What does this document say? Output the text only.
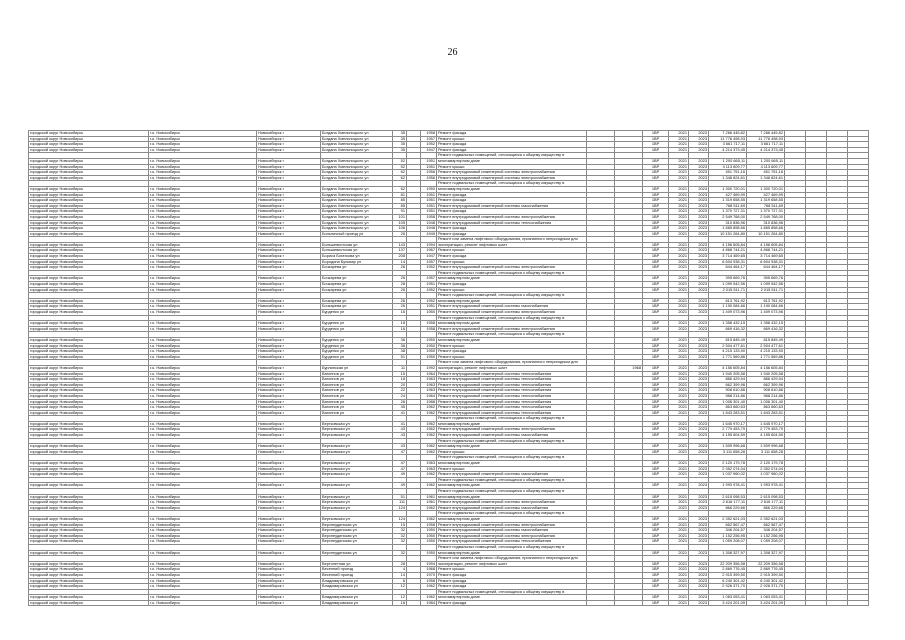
26
городской округ Новосибирск	г.о. Новосибирск	Новосибирск г	Богдана Хмельницкого ул	35		1958	Ремонт фасада			1ВР	2021	2023	7 266 445,82	7 266 445,82				
городской округ Новосибирск	г.о. Новосибирск	Новосибирск г	Богдана Хмельницкого ул	35		1957	Ремонт крыши			1ВР	2021	2023	11 776 498,93	11 776 498,93				
городской округ Новосибирск	г.о. Новосибирск	Новосибирск г	Богдана Хмельницкого ул	35		1952	Ремонт фасада			1ВР	2021	2023	3 661 717,11	3 661 717,11				
городской округ Новосибирск	г.о. Новосибирск	Новосибирск г	Богдана Хмельницкого ул	35		1947	Ремонт фасада			1ВР	2021	2023	4 214 373,45	4 214 373,45				
							Ремонт подвальных помещений, относящихся к общему имуществу в											
городской округ Новосибирск	г.о. Новосибирск	Новосибирск г	Богдана Хмельницкого ул	52		1951	многоквартирном доме			1ВР	2021	2023	1 200 665,11	1 200 665,11				
городской округ Новосибирск	г.о. Новосибирск	Новосибирск г	Богдана Хмельницкого ул	52		1951	Ремонт крыши			1ВР	2021	2023	4 113 609,77	4 113 609,77				
городской округ Новосибирск	г.о. Новосибирск	Новосибирск г	Богдана Хмельницкого ул	62		1956	Ремонт внутридомовой инженерной системы электроснабжения			1ВР	2021	2023	451 751,16	451 751,16				
городской округ Новосибирск	г.о. Новосибирск	Новосибирск г	Богдана Хмельницкого ул	62		1956	Ремонт внутридомовой инженерной системы электроснабжения			1ВР	2021	2023	1 348 824,61	1 348 824,61				
							Ремонт подвальных помещений, относящихся к общему имуществу в											
городской округ Новосибирск	г.о. Новосибирск	Новосибирск г	Богдана Хмельницкого ул	62		1950	многоквартирном доме			1ВР	2021	2023	1 300 720,01	1 300 720,01				
городской округ Новосибирск	г.о. Новосибирск	Новосибирск г	Богдана Хмельницкого ул	81		1951	Ремонт фасада			1ВР	2021	2023	427 469,99	427 469,99				
городской округ Новосибирск	г.о. Новосибирск	Новосибирск г	Богдана Хмельницкого ул	85		1951	Ремонт фасада			1ВР	2021	2023	1 319 658,55	1 319 658,55				
городской округ Новосибирск	г.о. Новосибирск	Новосибирск г	Богдана Хмельницкого ул	85		1951	Ремонт внутридомовой инженерной системы газоснабжения			1ВР	2021	2023	768 511,69	768 511,69				
городской округ Новосибирск	г.о. Новосибирск	Новосибирск г	Богдана Хмельницкого ул	91		1951	Ремонт фасада			1ВР	2021	2023	1 370 727,31	1 370 727,31				
городской округ Новосибирск	г.о. Новосибирск	Новосибирск г	Богдана Хмельницкого ул	101		1958	Ремонт внутридомовой инженерной системы электроснабжения			1ВР	2021	2023	2 549 768,00	2 549 768,00				
городской округ Новосибирск	г.о. Новосибирск	Новосибирск г	Богдана Хмельницкого ул	105		1948	Ремонт внутридомовой инженерной системы теплоснабжения			1ВР	2021	2023	310 836,96	310 836,96				
городской округ Новосибирск	г.о. Новосибирск	Новосибирск г	Богдана Хмельницкого ул	106		1948	Ремонт фасада			1ВР	2021	2023	1 865 898,66	1 865 898,66				
городской округ Новосибирск	г.о. Новосибирск	Новосибирск г	Больничный проезд ул	26		1949	Ремонт фасада			1ВР	2021	2023	10 151 264,80	10 151 264,80				
							Ремонт или замена лифтового оборудования, признанного непригодным для											
городской округ Новосибирск	г.о. Новосибирск	Новосибирск г	Большевистская ул	143		1994	эксплуатации, ремонт лифтовых шахт			1ВР	2021	2023	4 156 605,84	4 156 605,84				
городской округ Новосибирск	г.о. Новосибирск	Новосибирск г	Большевистская ул	137		1967	Ремонт крыши			1ВР	2021	2023	4 868 744,21	4 868 744,21				
городской округ Новосибирск	г.о. Новосибирск	Новосибирск г	Бориса Богаткова ул	208		1947	Ремонт фасада			1ВР	2021	2023	3 714 469,65	3 714 469,65				
городской округ Новосибирск	г.о. Новосибирск	Новосибирск г	Бородина Бульвар ул	14		1957	Ремонт крыши			1ВР	2021	2023	6 604 938,31	6 604 938,31				
городской округ Новосибирск	г.о. Новосибирск	Новосибирск г	Бочкарева ул	26		1952	Ремонт внутридомовой инженерной системы электроснабжения			1ВР	2021	2023	644 464,17	644 464,17				
							Ремонт подвальных помещений, относящихся к общему имуществу в											
городской округ Новосибирск	г.о. Новосибирск	Новосибирск г	Бочкарева ул	26		1957	многоквартирном доме			1ВР	2021	2023	395 669,76	395 669,76				
городской округ Новосибирск	г.о. Новосибирск	Новосибирск г	Бочкарева ул	28		1951	Ремонт фасада			1ВР	2021	2023	1 099 542,56	1 099 542,56				
городской округ Новосибирск	г.о. Новосибирск	Новосибирск г	Бочкарева ул	26		1952	Ремонт крыши			1ВР	2021	2023	2 015 511,71	2 015 511,71				
							Ремонт подвальных помещений, относящихся к общему имуществу в											
городской округ Новосибирск	г.о. Новосибирск	Новосибирск г	Бочкарева ул	26		1952	многоквартирном доме			1ВР	2021	2023	613 761,92	613 761,92				
городской округ Новосибирск	г.о. Новосибирск	Новосибирск г	Бочкарева ул	26		1951	Ремонт внутридомовой инженерной системы газоснабжения			1ВР	2021	2023	1 190 084,66	1 190 084,66				
городской округ Новосибирск	г.о. Новосибирск	Новосибирск г	Бурденко ул	16		1950	Ремонт внутридомовой инженерной системы электроснабжения			1ВР	2021	2023	1 409 073,96	1 409 073,96				
							Ремонт подвальных помещений, относящихся к общему имуществу в											
городской округ Новосибирск	г.о. Новосибирск	Новосибирск г	Бурденко ул	18		1958	многоквартирном доме			1ВР	2021	2023	1 358 432,15	1 358 432,15				
городской округ Новосибирск	г.о. Новосибирск	Новосибирск г	Бурденко ул	16		1958	Ремонт внутридомовой инженерной системы электроснабжения			1ВР	2021	2023	669 416,32	669 416,32				
							Ремонт подвальных помещений, относящихся к общему имуществу в											
городской округ Новосибирск	г.о. Новосибирск	Новосибирск г	Бурденко ул	36		1950	многоквартирном доме			1ВР	2021	2023	815 845,49	815 845,49				
городской округ Новосибирск	г.о. Новосибирск	Новосибирск г	Бурденко ул	36		1950	Ремонт крыши			1ВР	2021	2023	2 504 477,61	2 504 477,61				
городской округ Новосибирск	г.о. Новосибирск	Новосибирск г	Бурденко ул	38		1950	Ремонт фасада			1ВР	2021	2023	4 215 133,90	4 215 133,90				
городской округ Новосибирск	г.о. Новосибирск	Новосибирск г	Бурденко ул	51		1950	Ремонт крыши			1ВР	2021	2023	1 771 569,86	1 771 569,86				
							Ремонт или замена лифтового оборудования, признанного непригодным для											
городской округ Новосибирск	г.о. Новосибирск	Новосибирск г	Бурлинская ул	11		1992	эксплуатации, ремонт лифтовых шахт		1968	1ВР	2021	2023	4 156 605,84	4 156 605,84				
городской округ Новосибирск	г.о. Новосибирск	Новосибирск г	Вагоннов ул	15		1964	Ремонт внутридомовой инженерной системы теплоснабжения			1ВР	2021	2023	1 940 205,58	1 940 205,58				
городской округ Новосибирск	г.о. Новосибирск	Новосибирск г	Вагоннов ул	18		1963	Ремонт внутридомовой инженерной системы теплоснабжения			1ВР	2021	2023	886 429,94	886 429,94				
городской округ Новосибирск	г.о. Новосибирск	Новосибирск г	Вагоннов ул	20		1963	Ремонт внутридомовой инженерной системы теплоснабжения			1ВР	2021	2023	662 399,96	662 399,96				
городской округ Новосибирск	г.о. Новосибирск	Новосибирск г	Вагоннов ул	22		1963	Ремонт внутридомовой инженерной системы теплоснабжения			1ВР	2021	2023	908 610,86	908 610,86				
городской округ Новосибирск	г.о. Новосибирск	Новосибирск г	Вагоннов ул	24		1964	Ремонт внутридомовой инженерной системы теплоснабжения			1ВР	2021	2023	988 214,86	988 214,86				
городской округ Новосибирск	г.о. Новосибирск	Новосибирск г	Вагоннов ул	26		1988	Ремонт внутридомовой инженерной системы теплоснабжения			1ВР	2021	2023	1 006 301,40	1 006 301,40				
городской округ Новосибирск	г.о. Новосибирск	Новосибирск г	Вагоннов ул	35		1962	Ремонт внутридомовой инженерной системы теплоснабжения			1ВР	2021	2023	863 660,63	863 660,63				
городской округ Новосибирск	г.о. Новосибирск	Новосибирск г	Вагоннов ул	41		1962	Ремонт внутридомовой инженерной системы теплоснабжения			1ВР	2021	2023	1 843 283,51	1 843 283,51				
							Ремонт подвальных помещений, относящихся к общему имуществу в											
городской округ Новосибирск	г.о. Новосибирск	Новосибирск г	Вертковская ул	41		1962	многоквартирном доме			1ВР	2021	2023	1 645 970,17	1 645 970,17				
городской округ Новосибирск	г.о. Новосибирск	Новосибирск г	Вертковская ул	43		1962	Ремонт внутридомовой инженерной системы электроснабжения			1ВР	2021	2023	2 779 453,79	2 779 453,79				
городской округ Новосибирск	г.о. Новосибирск	Новосибирск г	Вертковская ул	43		1962	Ремонт внутридомовой инженерной системы газоснабжения			1ВР	2021	2023	4 155 604,59	4 155 604,59				
							Ремонт подвальных помещений, относящихся к общему имуществу в											
городской округ Новосибирск	г.о. Новосибирск	Новосибирск г	Вертковская ул	43		1962	многоквартирном доме			1ВР	2021	2023	1 509 996,68	1 509 996,68				
городской округ Новосибирск	г.о. Новосибирск	Новосибирск г	Вертковская ул	47		1962	Ремонт крыши			1ВР	2021	2023	3 111 658,28	3 111 658,28				
							Ремонт подвальных помещений, относящихся к общему имуществу в											
городской округ Новосибирск	г.о. Новосибирск	Новосибирск г	Вертковская ул	47		1963	многоквартирном доме			1ВР	2021	2023	2 120 179,78	2 120 179,78				
городской округ Новосибирск	г.о. Новосибирск	Новосибирск г	Вертковская ул	47		1963	Ремонт крыши			1ВР	2021	2023	2 352 074,04	2 352 074,04				
городской округ Новосибирск	г.о. Новосибирск	Новосибирск г	Вертковская ул	49		1962	Ремонт внутридомовой инженерной системы газоснабжения			1ВР	2021	2023	1 037 960,02	1 037 960,02				
							Ремонт подвальных помещений, относящихся к общему имуществу в											
городской округ Новосибирск	г.о. Новосибирск	Новосибирск г	Вертковская ул	49		1962	многоквартирном доме			1ВР	2021	2023	1 993 978,41	1 993 978,41				
							Ремонт подвальных помещений, относящихся к общему имуществу в											
городской округ Новосибирск	г.о. Новосибирск	Новосибирск г	Вертковская ул	51		1961	многоквартирном доме			1ВР	2021	2023	2 615 098,53	2 615 098,53				
городской округ Новосибирск	г.о. Новосибирск	Новосибирск г	Вертковская ул	111		1961	Ремонт внутридомовой инженерной системы электроснабжения			1ВР	2021	2023	2 616 177,11	2 616 177,11				
городской округ Новосибирск	г.о. Новосибирск	Новосибирск г	Вертковская ул	124		1962	Ремонт внутридомовой инженерной системы газоснабжения			1ВР	2021	2023	866 229,66	866 229,66				
							Ремонт подвальных помещений, относящихся к общему имуществу в											
городской округ Новосибирск	г.о. Новосибирск	Новосибирск г	Вертковская ул	124		1962	многоквартирном доме			1ВР	2021	2023	2 352 621,03	2 352 621,03				
городской округ Новосибирск	г.о. Новосибирск	Новосибирск г	Верхнеудинская ул	15		1958	Ремонт внутридомовой инженерной системы электроснабжения			1ВР	2021	2023	662 567,47	662 567,47				
городской округ Новосибирск	г.о. Новосибирск	Новосибирск г	Верхнеудинская ул	32		1950	Ремонт внутридомовой инженерной системы газоснабжения			1ВР	2021	2023	346 204,57	346 204,57				
городской округ Новосибирск	г.о. Новосибирск	Новосибирск г	Верхнеудинская ул	32		1950	Ремонт внутридомовой инженерной системы электроснабжения			1ВР	2021	2023	1 152 256,95	1 152 256,95				
городской округ Новосибирск	г.о. Новосибирск	Новосибирск г	Верхнеудинская ул	32		1950	Ремонт внутридомовой инженерной системы теплоснабжения			1ВР	2021	2023	1 059 208,07	1 059 208,07				
							Ремонт подвальных помещений, относящихся к общему имуществу в											
городской округ Новосибирск	г.о. Новосибирск	Новосибирск г	Верхнеудинская ул	32		1950	многоквартирном доме			1ВР	2021	2023	1 308 327,97	1 308 327,97				
							Ремонт или замена лифтового оборудования, признанного непригодным для											
городской округ Новосибирск	г.о. Новосибирск	Новосибирск г	Вертолетная ул	28		1994	эксплуатации, ремонт лифтовых шахт			1ВР	2021	2023	22 209 356,58	22 209 356,58				
городской округ Новосибирск	г.о. Новосибирск	Новосибирск г	Весенний проезд	4		1968	Ремонт крыши			1ВР	2021	2023	2 869 776,45	2 869 776,45				
городской округ Новосибирск	г.о. Новосибирск	Новосибирск г	Весенний проезд	14		1970	Ремонт фасада			1ВР	2021	2023	2 915 399,50	2 915 399,50				
городской округ Новосибирск	г.о. Новосибирск	Новосибирск г	Владимировская ул	6		1958	Ремонт фасада			1ВР	2021	2023	6 240 301,42	6 240 301,42				
городской округ Новосибирск	г.о. Новосибирск	Новосибирск г	Владимировская ул	12		1962	Ремонт фасада			1ВР	2021	2023	2 926 371,70	2 926 371,70				
							Ремонт подвальных помещений, относящихся к общему имуществу в											
городской округ Новосибирск	г.о. Новосибирск	Новосибирск г	Владимировская ул	12		1962	многоквартирном доме			1ВР	2021	2023	1 063 053,41	1 063 053,41				
городской округ Новосибирск	г.о. Новосибирск	Новосибирск г	Владимировская ул	16		1984	Ремонт фасада			1ВР	2021	2023	3 424 201,09	3 424 201,09				
